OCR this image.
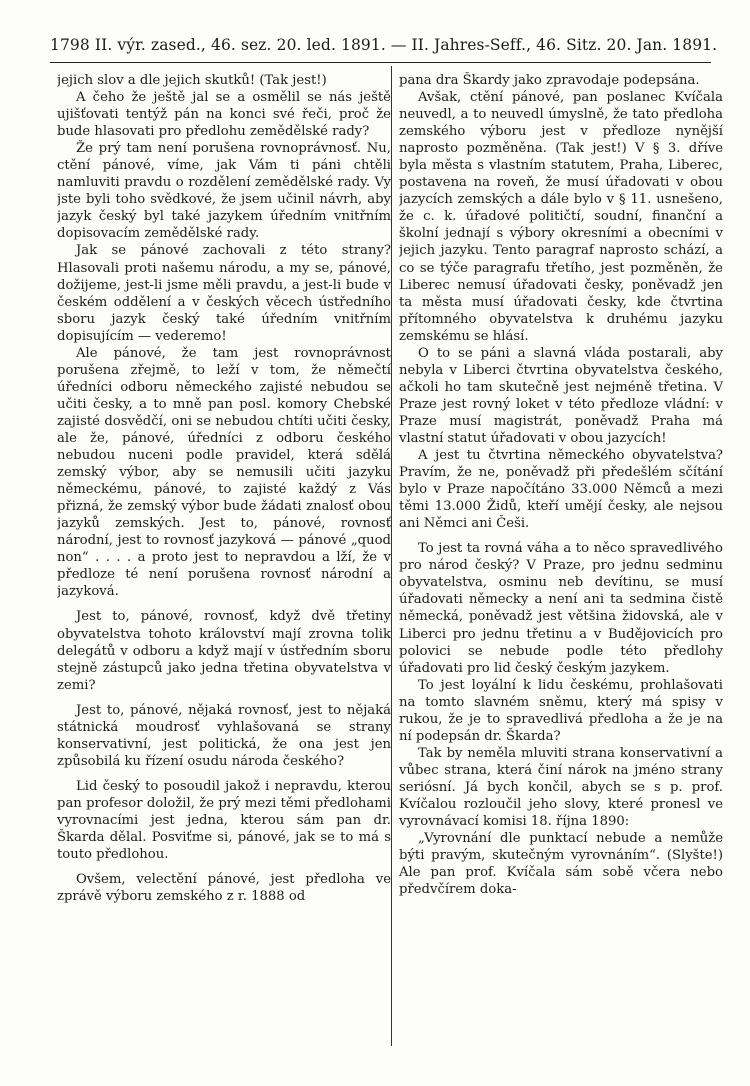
1798 II. výr. zased., 46. sez. 20. led. 1891. — II. Jahres-Seff., 46. Sitz. 20. Jan. 1891.

jejich slov a dle jejich skutků! (Tak jest!)

A čeho že ještě jal se a osmělil se nás ještě ujišťovati tentýž pán na konci své řeči, proč že bude hlasovati pro předlohu zemědělské rady?

Že prý tam není porušena rovnoprávnosť. Nu, ctění pánové, víme, jak Vám ti páni chtěli namluviti pravdu o rozdělení zemědělské rady. Vy jste byli toho svědkové, že jsem učinil návrh, aby jazyk český byl také jazykem úředním vnitřním dopisovacím zemědělské rady.

Jak se pánové zachovali z této strany? Hlasovali proti našemu národu, a my se, pánové, dožijeme, jest-li jsme měli pravdu, a jest-li bude v českém oddělení a v českých věcech ústředního sboru jazyk český také úředním vnitřním dopisujícím — vederemo!

Ale pánové, že tam jest rovnoprávnost porušena zřejmě, to leží v tom, že němečtí úředníci odboru německého zajisté nebudou se učiti česky, a to mně pan posl. komory Chebské zajisté dosvědčí, oni se nebudou chtíti učiti česky, ale že, pánové, úředníci z odboru českého nebudou nuceni podle pravidel, která sdělá zemský výbor, aby se nemusili učiti jazyku německému, pánové, to zajisté každý z Vás přizná, že zemský výbor bude žádati znalosť obou jazyků zemských. Jest to, pánové, rovnosť národní, jest to rovnosť jazyková — pánové „quod non“ . . . . a proto jest to nepravdou a lží, že v předloze té není porušena rovnosť národní a jazyková.

Jest to, pánové, rovnosť, když dvě třetiny obyvatelstva tohoto království mají zrovna tolik delegátů v odboru a když mají v ústředním sboru stejně zástupců jako jedna třetina obyvatelstva v zemi?

Jest to, pánové, nějaká rovnosť, jest to nějaká státnická moudrosť vyhlašovaná se strany konservativní, jest politická, že ona jest jen způsobilá ku řízení osudu národa českého?

Lid český to posoudil jakož i nepravdu, kterou pan profesor doložil, že prý mezi těmi předlohami vyrovnacími jest jedna, kterou sám pan dr. Škarda dělal. Posviťme si, pánové, jak se to má s touto předlohou.

Ovšem, velectění pánové, jest předloha ve zprávě výboru zemského z r. 1888 od

pana dra Škardy jako zpravodaje podepsána.

Avšak, ctění pánové, pan poslanec Kvíčala neuvedl, a to neuvedl úmyslně, že tato předloha zemského výboru jest v předloze nynější naprosto pozměněna. (Tak jest!) V § 3. dříve byla města s vlastním statutem, Praha, Liberec, postavena na roveň, že musí úřadovati v obou jazycích zemských a dále bylo v § 11. usnešeno, že c. k. úřadové političtí, soudní, finanční a školní jednají s výbory okresními a obecními v jejich jazyku. Tento paragraf naprosto schází, a co se týče paragrafu třetího, jest pozměněn, že Liberec nemusí úřadovati česky, poněvadž jen ta města musí úřadovati česky, kde čtvrtina přítomného obyvatelstva k druhému jazyku zemskému se hlásí.

O to se páni a slavná vláda postarali, aby nebyla v Liberci čtvrtina obyvatelstva českého, ačkoli ho tam skutečně jest nejméně třetina. V Praze jest rovný loket v této předloze vládní: v Praze musí magistrát, poněvadž Praha má vlastní statut úřadovati v obou jazycích!

A jest tu čtvrtina německého obyvatelstva? Pravím, že ne, poněvadž při předešlém sčítání bylo v Praze napočítáno 33.000 Němců a mezi těmi 13.000 Židů, kteří umějí česky, ale nejsou ani Němci ani Češi.

To jest ta rovná váha a to něco spravedlivého pro národ český? V Praze, pro jednu sedminu obyvatelstva, osminu neb devítinu, se musí úřadovati německy a není ani ta sedmina čistě německá, poněvadž jest většina židovská, ale v Liberci pro jednu třetinu a v Budějovicích pro polovici se nebude podle této předlohy úřadovati pro lid český českým jazykem.

To jest loyální k lidu českému, prohlašovati na tomto slavném sněmu, který má spisy v rukou, že je to spravedlivá předloha a že je na ní podepsán dr. Škarda?

Tak by neměla mluviti strana konservativní a vůbec strana, která činí nárok na jméno strany seriósní. Já bych končil, abych se s p. prof. Kvíčalou rozloučil jeho slovy, které pronesl ve vyrovnávací komisi 18. října 1890:

„Vyrovnání dle punktací nebude a nemůže býti pravým, skutečným vyrovnáním“. (Slyšte!) Ale pan prof. Kvíčala sám sobě včera nebo předvčírem doka-
